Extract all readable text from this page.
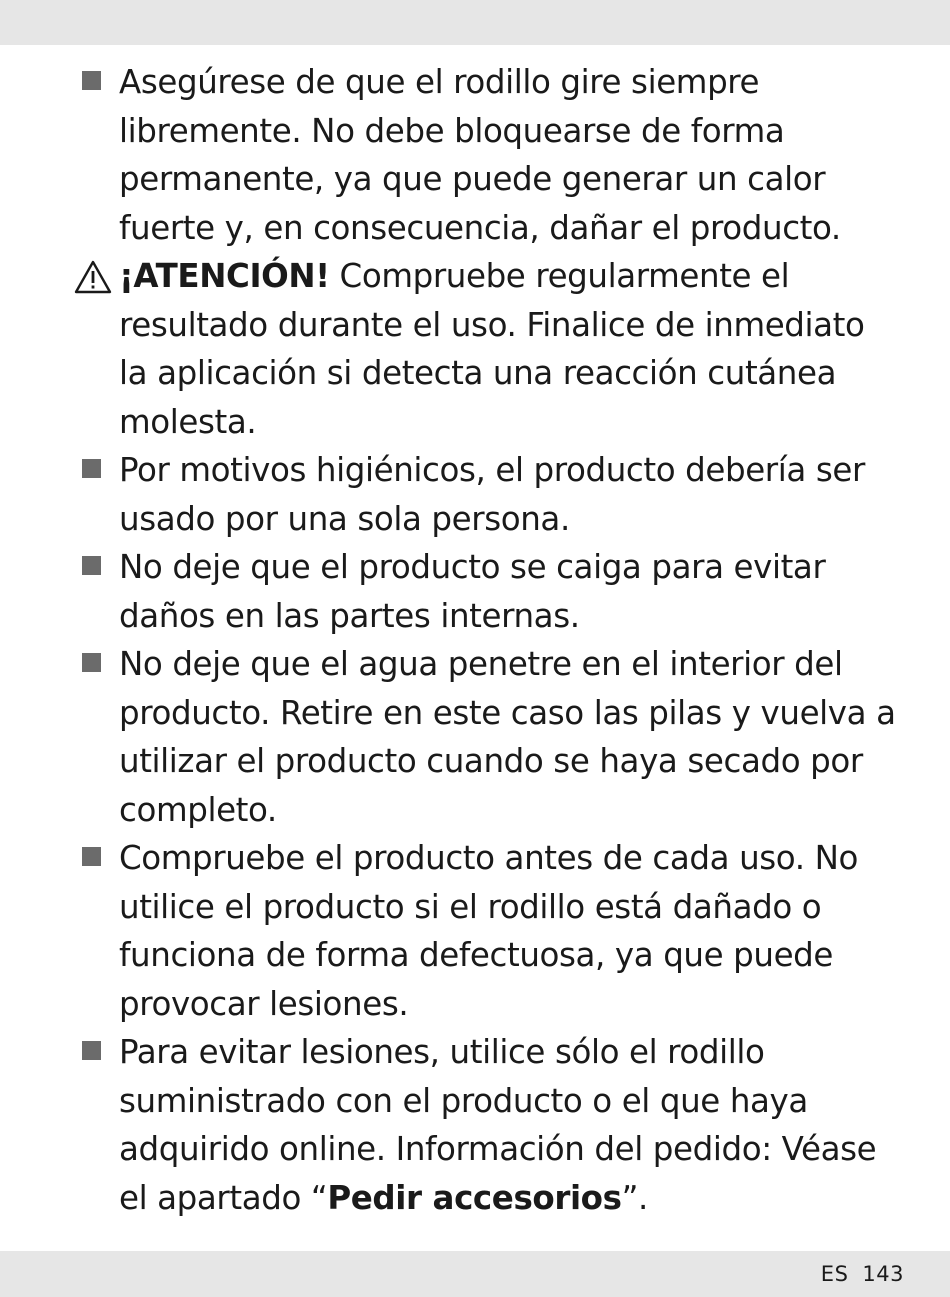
Asegúrese de que el rodillo gire siempre libremente. No debe bloquearse de forma permanente, ya que puede generar un calor fuerte y, en consecuencia, dañar el producto.
¡ATENCIÓN! Compruebe regularmente el resultado durante el uso. Finalice de inmediato la aplicación si detecta una reacción cutánea molesta.
Por motivos higiénicos, el producto debería ser usado por una sola persona.
No deje que el producto se caiga para evitar daños en las partes internas.
No deje que el agua penetre en el interior del producto. Retire en este caso las pilas y vuelva a utilizar el producto cuando se haya secado por completo.
Compruebe el producto antes de cada uso. No utilice el producto si el rodillo está dañado o funciona de forma defectuosa, ya que puede provocar lesiones.
Para evitar lesiones, utilice sólo el rodillo suministrado con el producto o el que haya adquirido online. Información del pedido: Véase el apartado “Pedir accesorios”.
ES 143
